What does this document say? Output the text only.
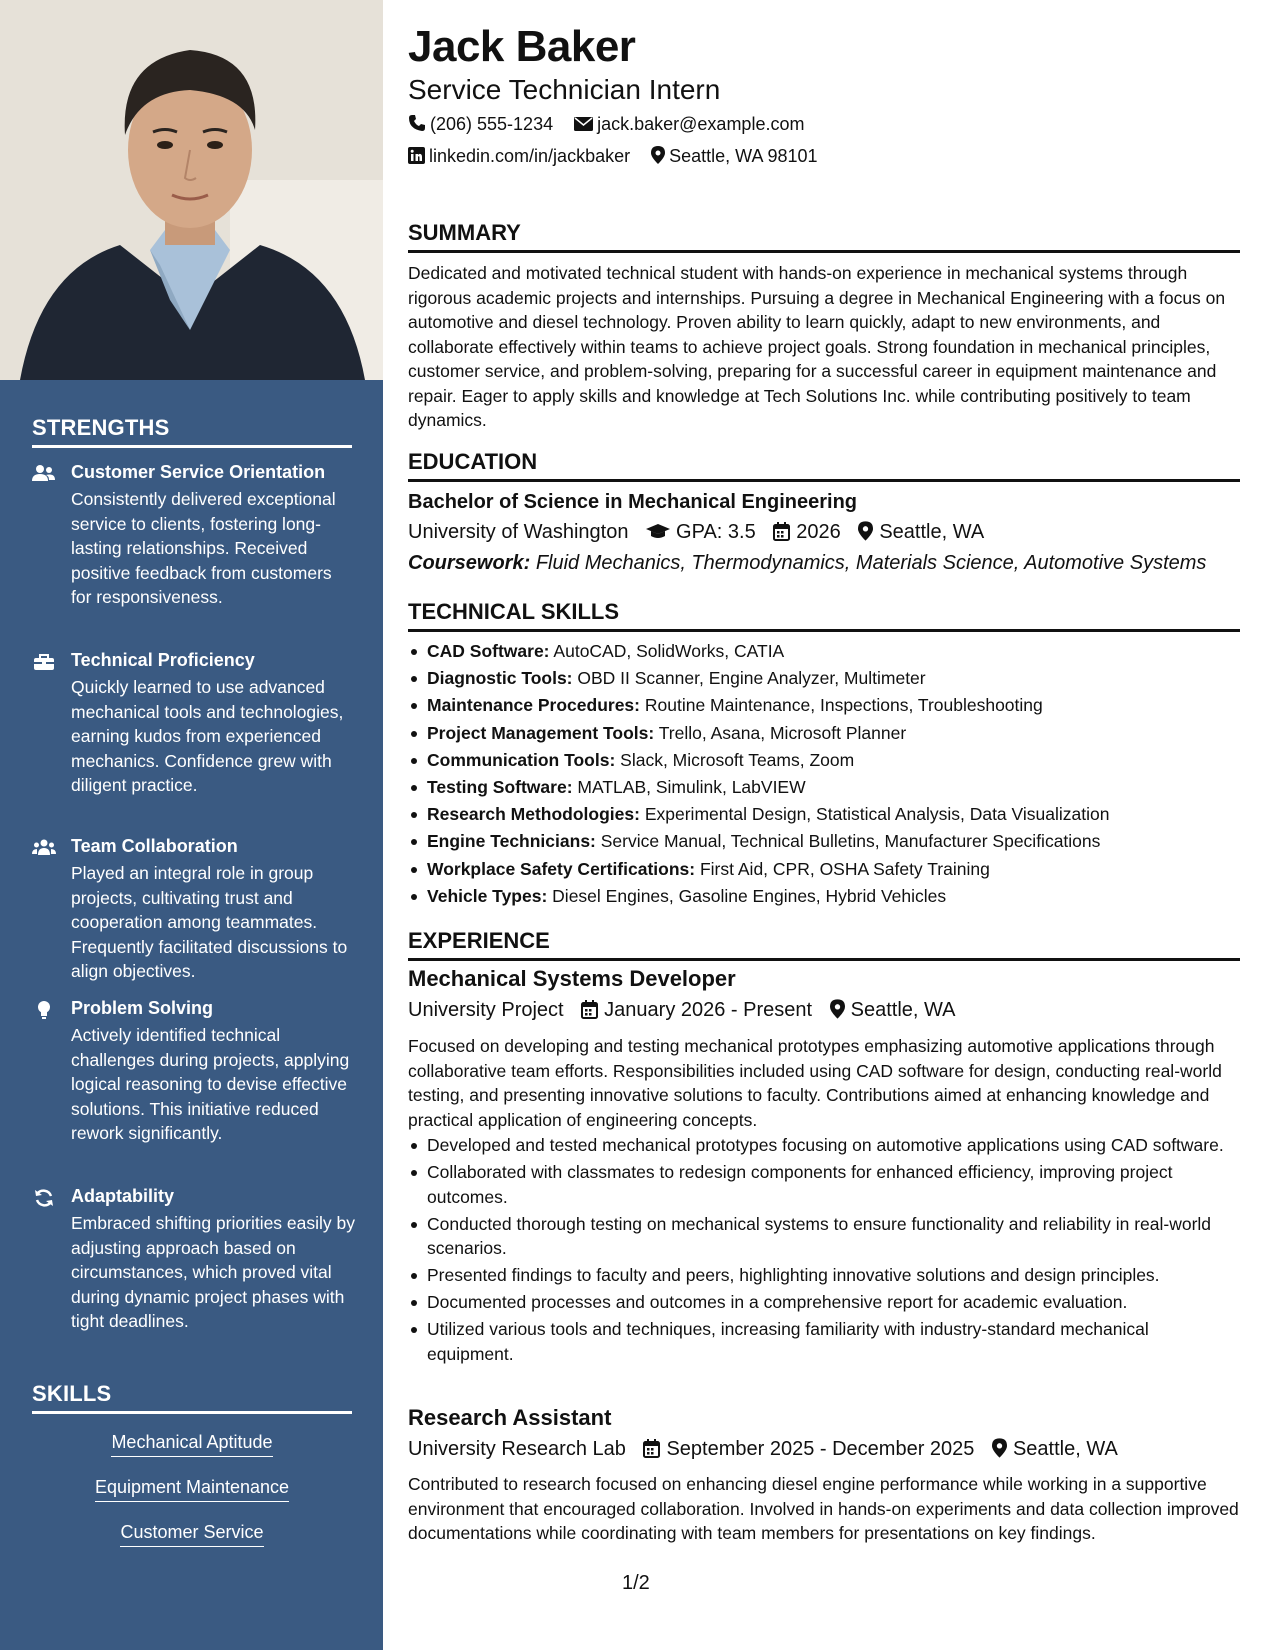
STRENGTHS
Customer Service Orientation
Consistently delivered exceptional service to clients, fostering long-lasting relationships. Received positive feedback from customers for responsiveness.
Technical Proficiency
Quickly learned to use advanced mechanical tools and technologies, earning kudos from experienced mechanics. Confidence grew with diligent practice.
Team Collaboration
Played an integral role in group projects, cultivating trust and cooperation among teammates. Frequently facilitated discussions to align objectives.
Problem Solving
Actively identified technical challenges during projects, applying logical reasoning to devise effective solutions. This initiative reduced rework significantly.
Adaptability
Embraced shifting priorities easily by adjusting approach based on circumstances, which proved vital during dynamic project phases with tight deadlines.
SKILLS
Mechanical Aptitude
Equipment Maintenance
Customer Service
Jack Baker
Service Technician Intern
(206) 555-1234 jack.baker@example.com
linkedin.com/in/jackbaker Seattle, WA 98101
SUMMARY
Dedicated and motivated technical student with hands-on experience in mechanical systems through rigorous academic projects and internships. Pursuing a degree in Mechanical Engineering with a focus on automotive and diesel technology. Proven ability to learn quickly, adapt to new environments, and collaborate effectively within teams to achieve project goals. Strong foundation in mechanical principles, customer service, and problem-solving, preparing for a successful career in equipment maintenance and repair. Eager to apply skills and knowledge at Tech Solutions Inc. while contributing positively to team dynamics.
EDUCATION
Bachelor of Science in Mechanical Engineering
University of Washington GPA: 3.5 2026 Seattle, WA
Coursework: Fluid Mechanics, Thermodynamics, Materials Science, Automotive Systems
TECHNICAL SKILLS
CAD Software: AutoCAD, SolidWorks, CATIA
Diagnostic Tools: OBD II Scanner, Engine Analyzer, Multimeter
Maintenance Procedures: Routine Maintenance, Inspections, Troubleshooting
Project Management Tools: Trello, Asana, Microsoft Planner
Communication Tools: Slack, Microsoft Teams, Zoom
Testing Software: MATLAB, Simulink, LabVIEW
Research Methodologies: Experimental Design, Statistical Analysis, Data Visualization
Engine Technicians: Service Manual, Technical Bulletins, Manufacturer Specifications
Workplace Safety Certifications: First Aid, CPR, OSHA Safety Training
Vehicle Types: Diesel Engines, Gasoline Engines, Hybrid Vehicles
EXPERIENCE
Mechanical Systems Developer
University Project January 2026 - Present Seattle, WA
Focused on developing and testing mechanical prototypes emphasizing automotive applications through collaborative team efforts. Responsibilities included using CAD software for design, conducting real-world testing, and presenting innovative solutions to faculty. Contributions aimed at enhancing knowledge and practical application of engineering concepts.
Developed and tested mechanical prototypes focusing on automotive applications using CAD software.
Collaborated with classmates to redesign components for enhanced efficiency, improving project outcomes.
Conducted thorough testing on mechanical systems to ensure functionality and reliability in real-world scenarios.
Presented findings to faculty and peers, highlighting innovative solutions and design principles.
Documented processes and outcomes in a comprehensive report for academic evaluation.
Utilized various tools and techniques, increasing familiarity with industry-standard mechanical equipment.
Research Assistant
University Research Lab September 2025 - December 2025 Seattle, WA
Contributed to research focused on enhancing diesel engine performance while working in a supportive environment that encouraged collaboration. Involved in hands-on experiments and data collection improved documentations while coordinating with team members for presentations on key findings.
1/2
